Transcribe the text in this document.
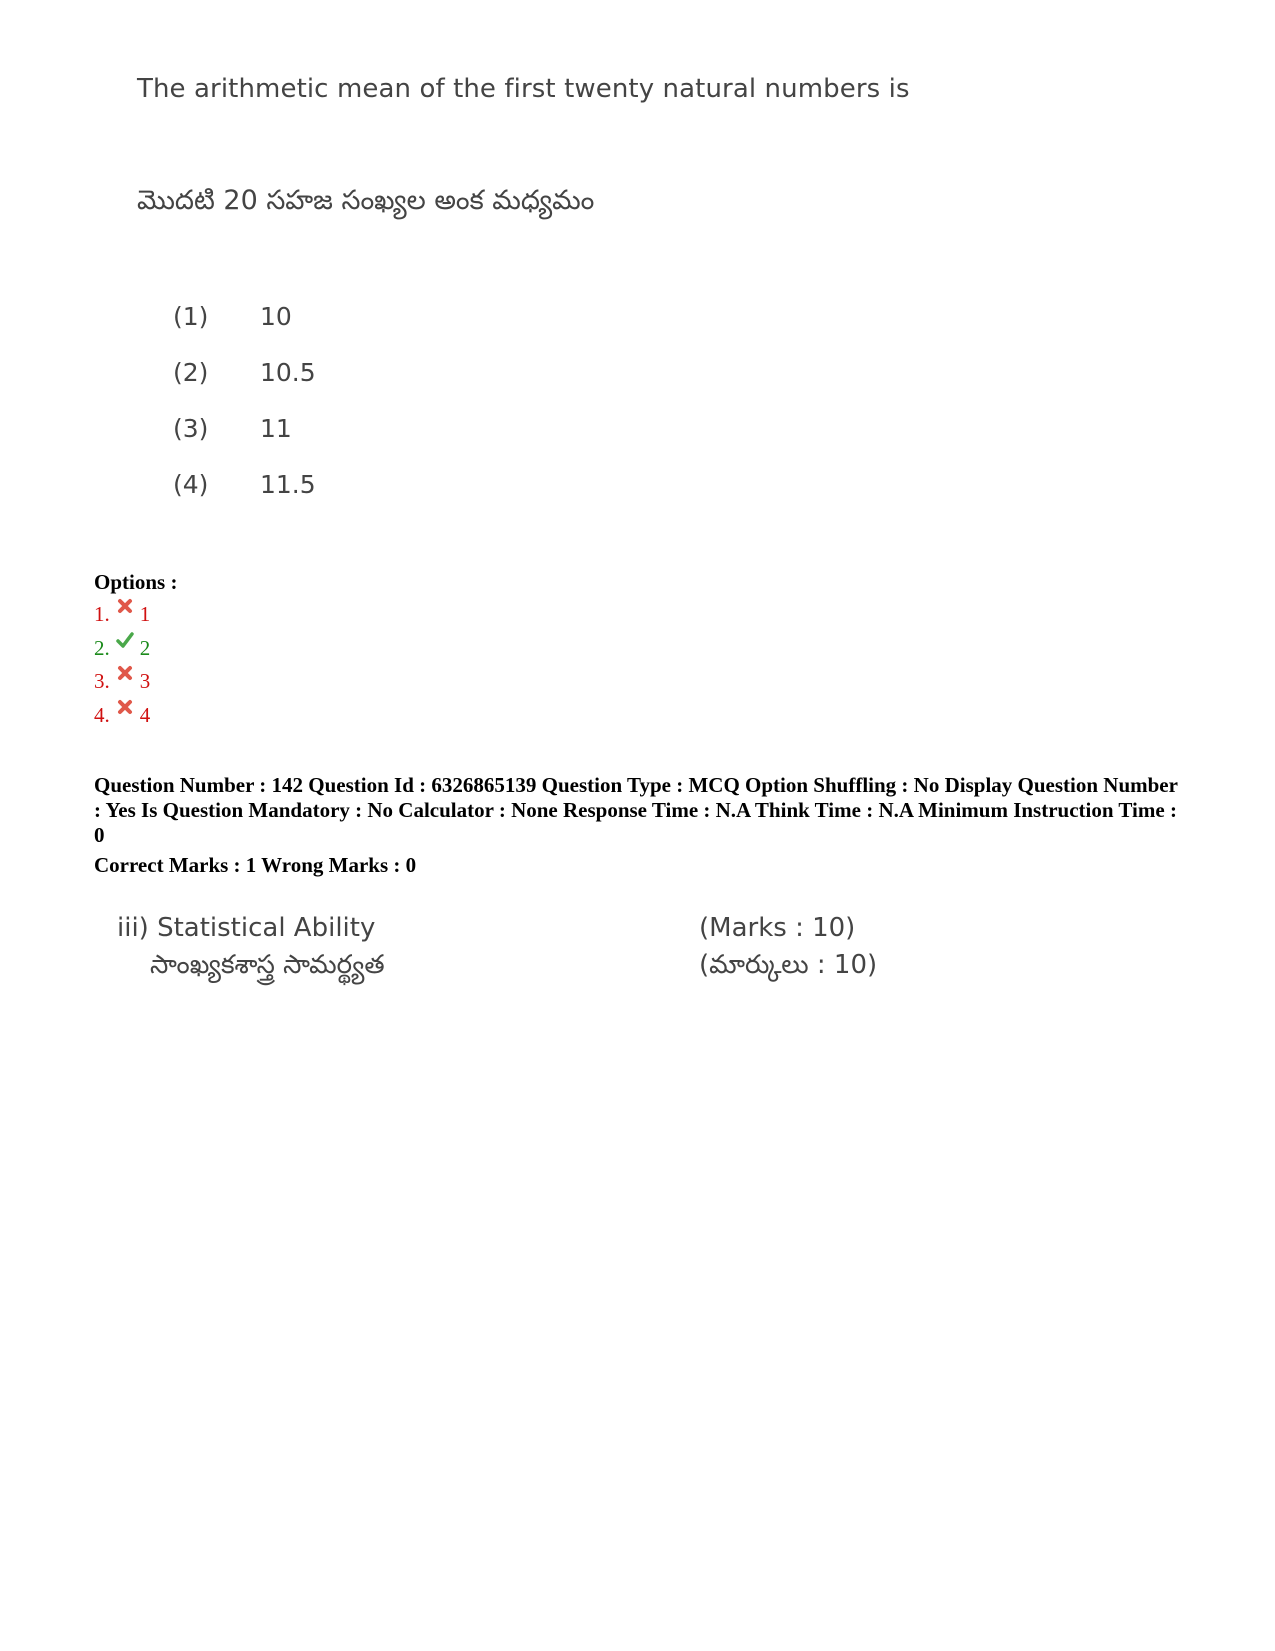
The arithmetic mean of the first twenty natural numbers is
మొదటి 20 సహజ సంఖ్యల అంక మధ్యమం
(1) 10
(2) 10.5
(3) 11
(4) 11.5
Options :
1. 1
2. 2
3. 3
4. 4
Question Number : 142 Question Id : 6326865139 Question Type : MCQ Option Shuffling : No Display Question Number : Yes Is Question Mandatory : No Calculator : None Response Time : N.A Think Time : N.A Minimum Instruction Time : 0
Correct Marks : 1 Wrong Marks : 0
iii) Statistical Ability
సాంఖ్యకశాస్త్ర సామర్థ్యత
(Marks : 10)
(మార్కులు : 10)
